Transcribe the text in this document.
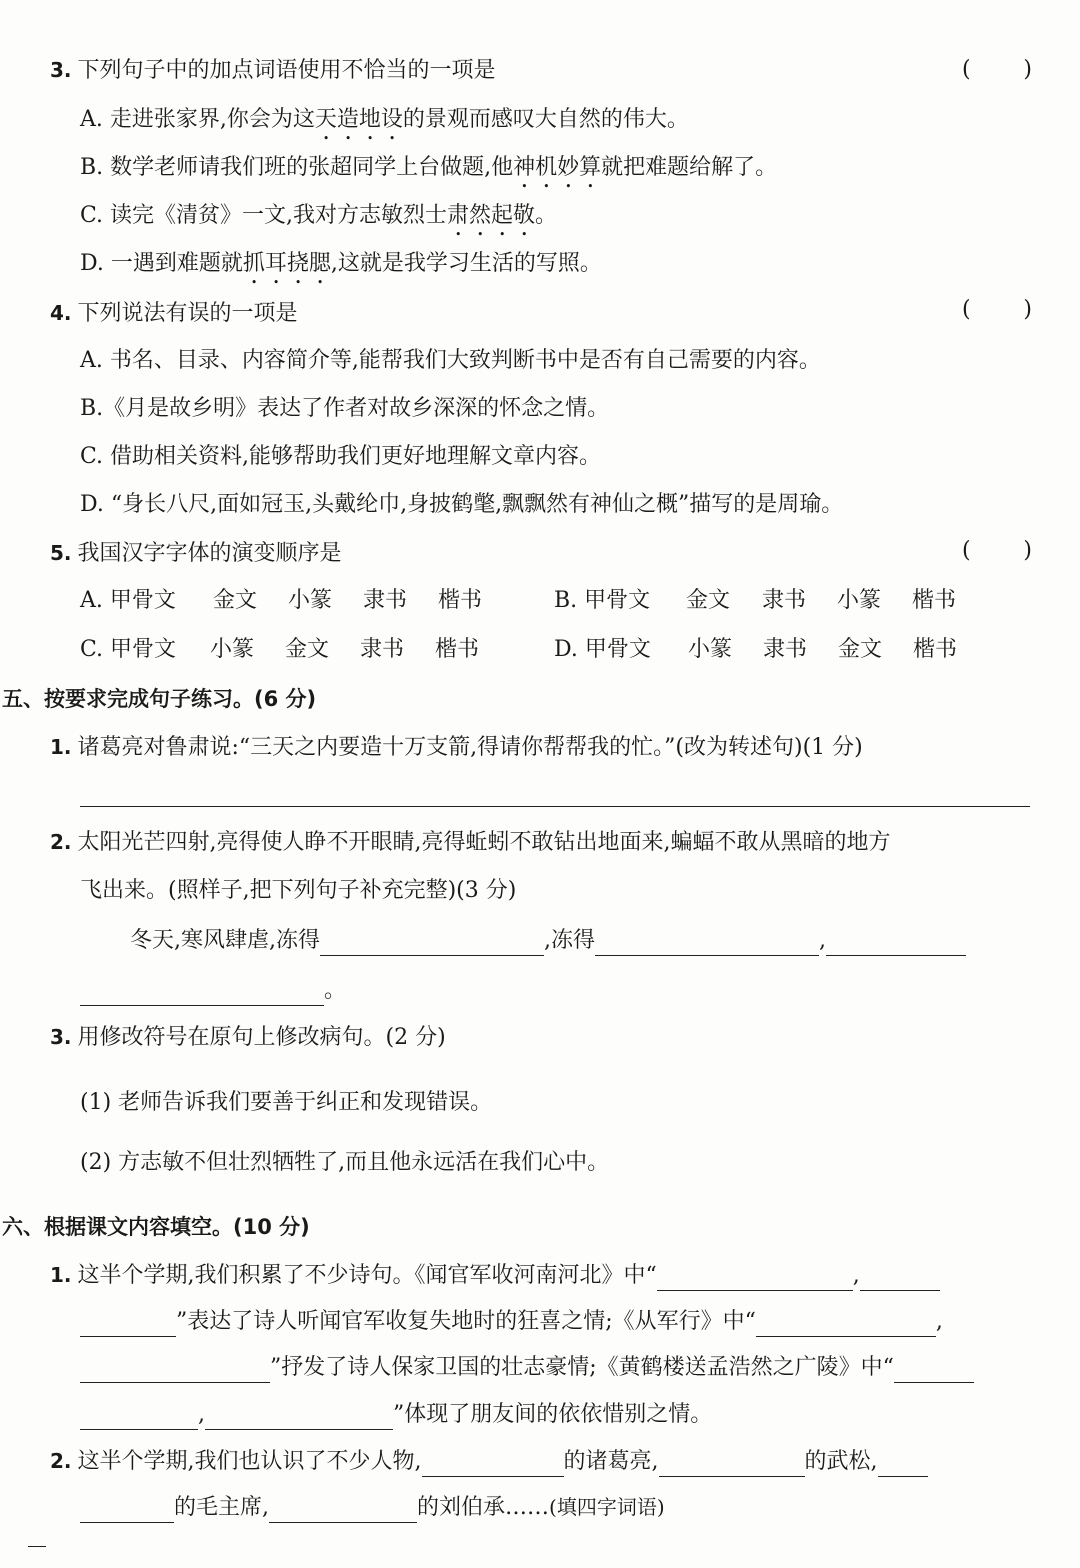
3. 下列句子中的加点词语使用不恰当的一项是	( )
A. 走进张家界,你会为这天造地设的景观而感叹大自然的伟大。
B. 数学老师请我们班的张超同学上台做题,他神机妙算就把难题给解了。
C. 读完《清贫》一文,我对方志敏烈士肃然起敬。
D. 一遇到难题就抓耳挠腮,这就是我学习生活的写照。
4. 下列说法有误的一项是	( )
A. 书名、目录、内容简介等,能帮我们大致判断书中是否有自己需要的内容。
B.《月是故乡明》表达了作者对故乡深深的怀念之情。
C. 借助相关资料,能够帮助我们更好地理解文章内容。
D. “身长八尺,面如冠玉,头戴纶巾,身披鹤氅,飘飘然有神仙之概”描写的是周瑜。
5. 我国汉字字体的演变顺序是	( )
A. 甲骨文 金文 小篆 隶书 楷书	B. 甲骨文 金文 隶书 小篆 楷书
C. 甲骨文 小篆 金文 隶书 楷书	D. 甲骨文 小篆 隶书 金文 楷书
五、按要求完成句子练习。(6 分)
1. 诸葛亮对鲁肃说:“三天之内要造十万支箭,得请你帮帮我的忙。”(改为转述句)(1 分)
2. 太阳光芒四射,亮得使人睁不开眼睛,亮得蚯蚓不敢钻出地面来,蝙蝠不敢从黑暗的地方
飞出来。(照样子,把下列句子补充完整)(3 分)
冬天,寒风肆虐,冻得	,冻得	,
。
3. 用修改符号在原句上修改病句。(2 分)
(1) 老师告诉我们要善于纠正和发现错误。
(2) 方志敏不但壮烈牺牲了,而且他永远活在我们心中。
六、根据课文内容填空。(10 分)
1. 这半个学期,我们积累了不少诗句。《闻官军收河南河北》中“	,
”表达了诗人听闻官军收复失地时的狂喜之情;《从军行》中“	,
”抒发了诗人保家卫国的壮志豪情;《黄鹤楼送孟浩然之广陵》中“
,	”体现了朋友间的依依惜别之情。
2. 这半个学期,我们也认识了不少人物,	的诸葛亮,	的武松,
的毛主席,	的刘伯承……(填四字词语)
